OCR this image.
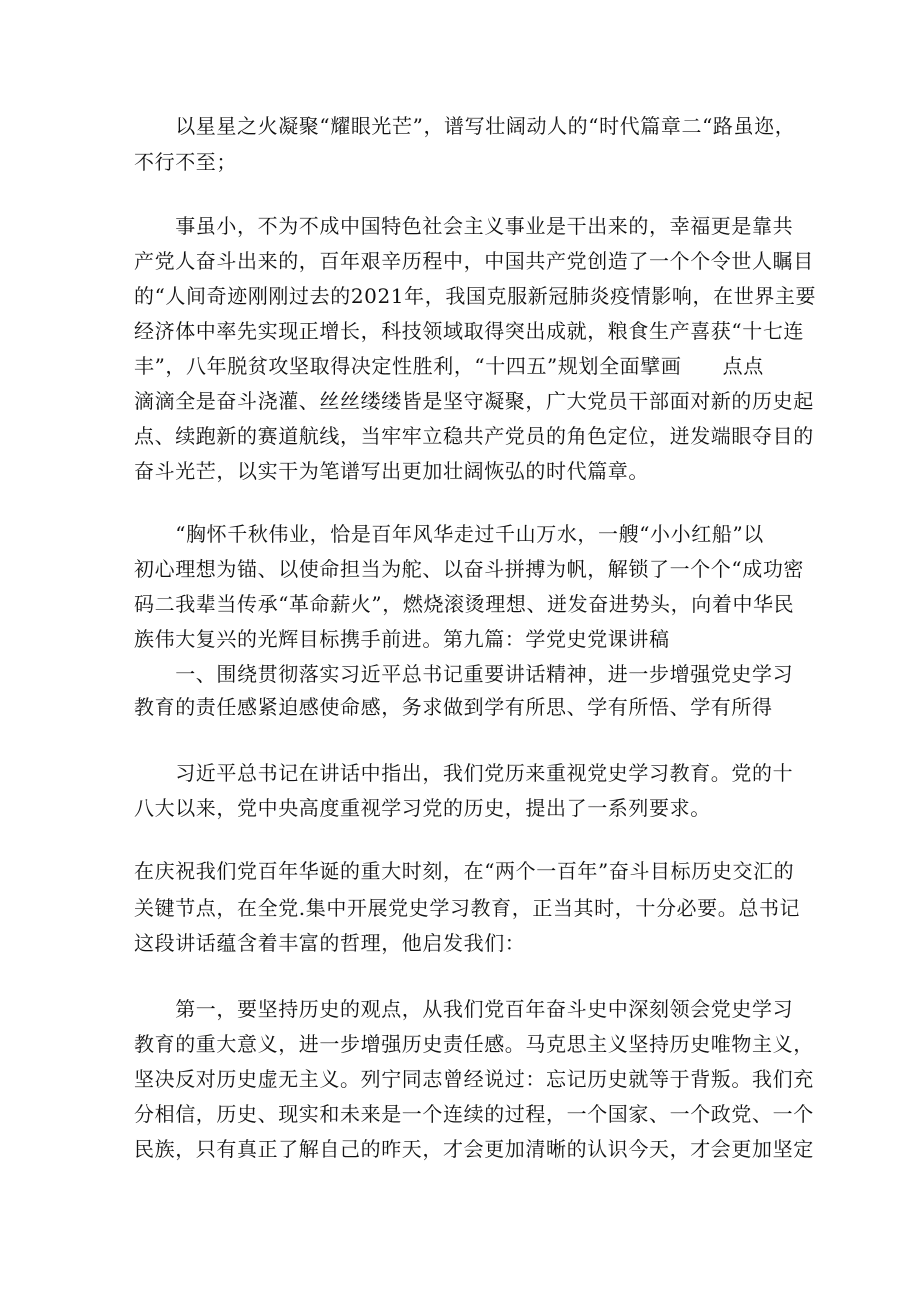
　　以星星之火凝聚“耀眼光芒”，谱写壮阔动人的“时代篇章二“路虽迩，
不行不至；
　　事虽小，不为不成中国特色社会主义事业是干出来的，幸福更是靠共
产党人奋斗出来的，百年艰辛历程中，中国共产党创造了一个个令世人瞩目
的“人间奇迹刚刚过去的2021年，我国克服新冠肺炎疫情影响，在世界主要
经济体中率先实现正增长，科技领域取得突出成就，粮食生产喜获“十七连
丰”，八年脱贫攻坚取得决定性胜利，“十四五”规划全面擘画　　点点
滴滴全是奋斗浇灌、丝丝缕缕皆是坚守凝聚，广大党员干部面对新的历史起
点、续跑新的赛道航线，当牢牢立稳共产党员的角色定位，迸发端眼夺目的
奋斗光芒，以实干为笔谱写出更加壮阔恢弘的时代篇章。
　　“胸怀千秋伟业，恰是百年风华走过千山万水，一艘“小小红船”以
初心理想为锚、以使命担当为舵、以奋斗拼搏为帆，解锁了一个个“成功密
码二我辈当传承“革命薪火”，燃烧滚烫理想、迸发奋进势头，向着中华民
族伟大复兴的光辉目标携手前进。第九篇：学党史党课讲稿
　　一、围绕贯彻落实习近平总书记重要讲话精神，进一步增强党史学习
教育的责任感紧迫感使命感，务求做到学有所思、学有所悟、学有所得
　　习近平总书记在讲话中指出，我们党历来重视党史学习教育。党的十
八大以来，党中央高度重视学习党的历史，提出了一系列要求。
在庆祝我们党百年华诞的重大时刻，在“两个一百年”奋斗目标历史交汇的
关键节点，在全党.集中开展党史学习教育，正当其时，十分必要。总书记
这段讲话蕴含着丰富的哲理，他启发我们：
　　第一，要坚持历史的观点，从我们党百年奋斗史中深刻领会党史学习
教育的重大意义，进一步增强历史责任感。马克思主义坚持历史唯物主义，
坚决反对历史虚无主义。列宁同志曾经说过：忘记历史就等于背叛。我们充
分相信，历史、现实和未来是一个连续的过程，一个国家、一个政党、一个
民族，只有真正了解自己的昨天，才会更加清晰的认识今天，才会更加坚定
